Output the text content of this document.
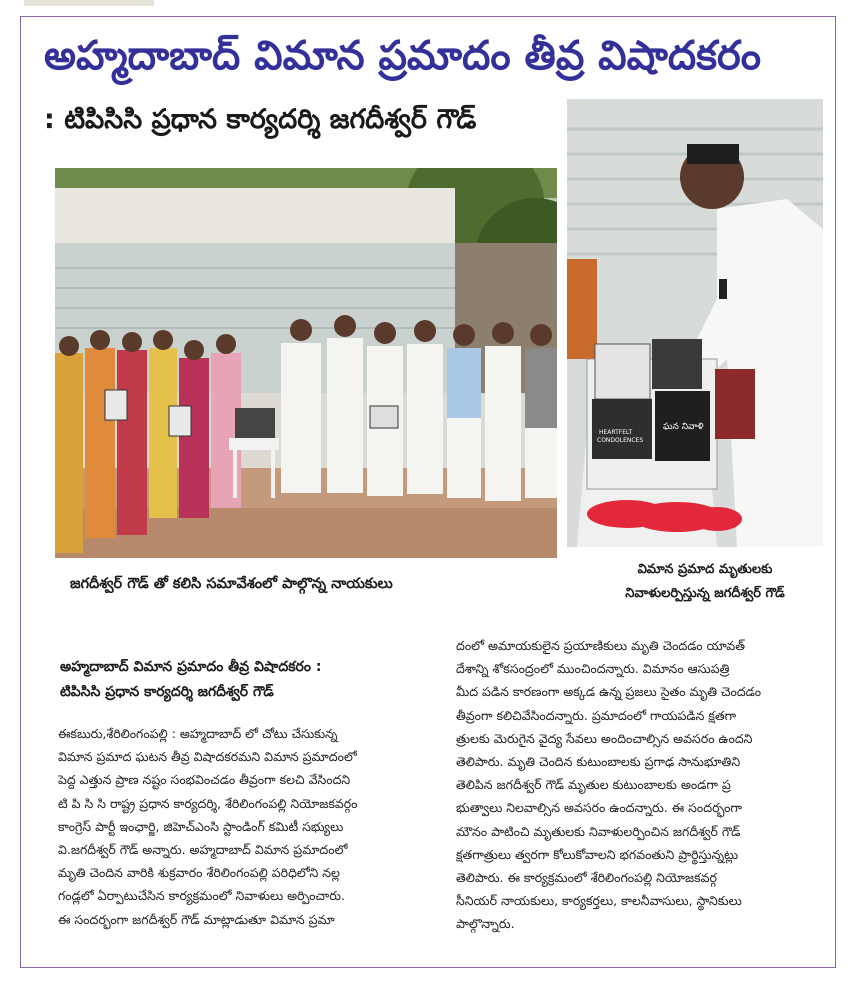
అహ్మదాబాద్ విమాన ప్రమాదం తీవ్ర విషాదకరం
: టిపిసిసి ప్రధాన కార్యదర్శి జగదీశ్వర్ గౌడ్
HEARTFELT
CONDOLENCES
ఘన నివాళి
జగదీశ్వర్ గౌడ్ తో కలిసి సమావేశంలో పాల్గొన్న నాయకులు
విమాన ప్రమాద మృతులకు
నివాళులర్పిస్తున్న జగదీశ్వర్ గౌడ్
అహ్మదాబాద్ విమాన ప్రమాదం తీవ్ర విషాదకరం :
టిపిసిసి ప్రధాన కార్యదర్శి జగదీశ్వర్ గౌడ్

ఈకబురు,శేరిలింగంపల్లి : అహ్మదాబాద్ లో చోటు చేసుకున్న

విమాన ప్రమాద ఘటన తీవ్ర విషాదకరమని విమాన ప్రమాదంలో

పెద్ద ఎత్తున ప్రాణ నష్టం సంభవించడం తీవ్రంగా కలచి వేసిందని

టి పి సి సి రాష్ట్ర ప్రధాన కార్యదర్శి, శేరిలింగంపల్లి నియోజకవర్గం

కాంగ్రెస్ పార్టీ ఇంఛార్జి, జిహెచ్ఎంసి స్టాండింగ్ కమిటీ సభ్యులు

వి.జగదీశ్వర్ గౌడ్ అన్నారు. అహ్మదాబాద్ విమాన ప్రమాదంలో

మృతి చెందిన వారికి శుక్రవారం శేరిలింగంపల్లి పరిధిలోని నల్ల

గండ్లలో ఏర్పాటుచేసిన కార్యక్రమంలో నివాళులు అర్పించారు.

ఈ సందర్భంగా జగదీశ్వర్ గౌడ్ మాట్లాడుతూ విమాన ప్రమా

దంలో అమాయకులైన ప్రయాణికులు మృతి చెందడం యావత్

దేశాన్ని శోకసంద్రంలో ముంచిందన్నారు. విమానం ఆసుపత్రి

మీద పడిన కారణంగా అక్కడ ఉన్న ప్రజలు సైతం మృతి చెందడం

తీవ్రంగా కలిచివేసిందన్నారు. ప్రమాదంలో గాయపడిన క్షతగా

త్రులకు మెరుగైన వైద్య సేవలు అందించాల్సిన అవసరం ఉందని

తెలిపారు. మృతి చెందిన కుటుంబాలకు ప్రగాఢ సానుభూతిని

తెలిపిన జగదీశ్వర్ గౌడ్ మృతుల కుటుంబాలకు అండగా ప్ర

భుత్వాలు నిలవాల్సిన అవసరం ఉందన్నారు. ఈ సందర్భంగా

మౌనం పాటించి మృతులకు నివాళులర్పించిన జగదీశ్వర్ గౌడ్

క్షతగాత్రులు త్వరగా కోలుకోవాలని భగవంతుని ప్రార్థిస్తున్నట్లు

తెలిపారు. ఈ కార్యక్రమంలో శేరిలింగంపల్లి నియోజకవర్గ

సీనియర్ నాయకులు, కార్యకర్తలు, కాలనీవాసులు, స్థానికులు

పాల్గొన్నారు.
